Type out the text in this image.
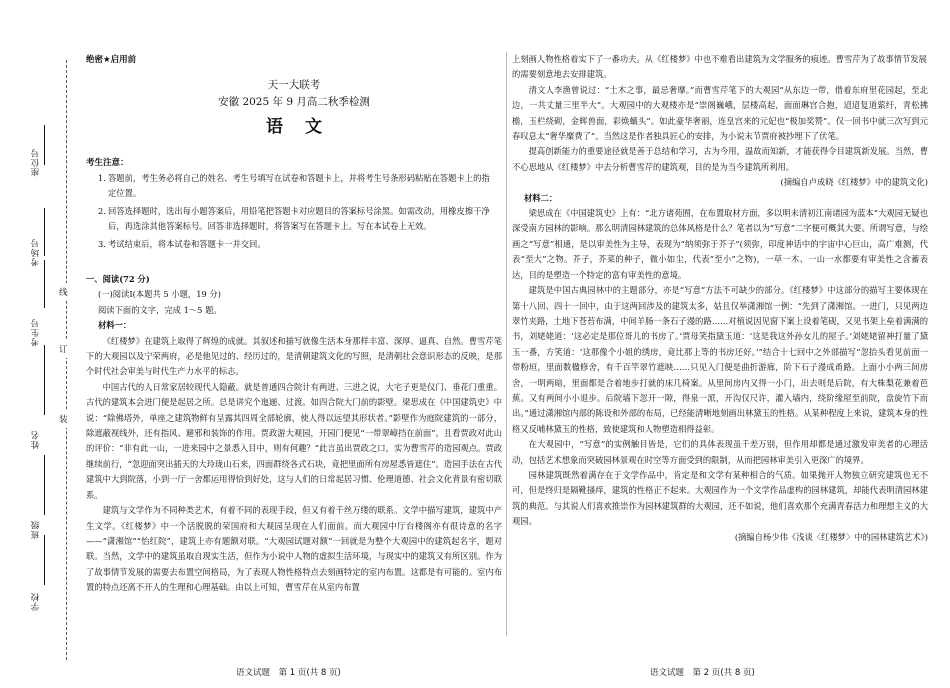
座位号
考场号
考生号
姓名
班级
学校
线
订
装
绝密★启用前
天一大联考
安徽 2025 年 9 月高二秋季检测
语文
考生注意：
1. 答题前，考生务必将自己的姓名、考生号填写在试卷和答题卡上，并将考生号条形码粘贴在答题卡上的指定位置。
2. 回答选择题时，选出每小题答案后，用铅笔把答题卡对应题目的答案标号涂黑。如需改动，用橡皮擦干净后，再选涂其他答案标号。回答非选择题时，将答案写在答题卡上。写在本试卷上无效。
3. 考试结束后，将本试卷和答题卡一并交回。

一、阅读(72 分)

(一)阅读Ⅰ(本题共 5 小题，19 分)

阅读下面的文字，完成 1～5 题。

材料一：

《红楼梦》在建筑上取得了辉煌的成就。其叙述和描写就像生活本身那样丰富、深厚、逼真、自然。曹雪芹笔下的大观园以及宁荣两府，必是他见过的、经历过的，是清朝建筑文化的写照，是清朝社会意识形态的反映，是那个时代社会审美与时代生产力水平的标志。

中国古代的人日常家居较现代人隐蔽。就是普通四合院计有两进、三进之说，大宅子更是仪门、垂花门重重。古代的建筑本会进门便是起居之所。总是讲究个迤逦、过渡。如四合院大门前的影壁。梁思成在《中国建筑史》中说：“除佛塔外，单座之建筑物鲜有呈露其四周全部轮廓，使人得以远望其形状者。”影壁作为庭院建筑的一部分，除遮蔽视线外，还有指风、避邪和装饰的作用。贾政游大观园，开园门便见“一带翠嶂挡在前面”。且看贾政对此山的评价：“非有此一山，一进来园中之景悉入目中，则有何趣？”此言虽出贾政之口，实为曹雪芹的造园观点。贾政继续前行，“忽迎面突出插天的大玲珑山石来，四面群绕各式石块，竟把里面所有房屋悉皆遮住”。造园手法在古代建筑中大到院落，小到一厅一舍都运用得恰到好处，这与人们的日常起居习惯、伦理道德、社会文化背景有密切联系。

建筑与文学作为不同种类艺术，有着不同的表现手段，但又有着千丝万缕的联系。文学中描写建筑，建筑中产生文学。《红楼梦》中一个活脱脱的荣国府和大观园呈现在人们面前。而大观园中厅台楼阁亦有很诗意的名字——“潇湘馆”“怡红院”，建筑上亦有题额对联。“大观园试题对额”一回就是为整个大观园中的建筑起名字，题对联。当然，文学中的建筑虽取自现实生活，但作为小说中人物的虚拟生活环境，与现实中的建筑又有所区别。作为了故事情节发展的需要去布置空间格局，为了表现人物性格特点去刻画特定的室内布置。这都是有可能的。室内布置的特点还离不开人的生理和心理基础。由以上可知，曹雪芹在从室内布置

语文试题　第 1 页(共 8 页)

上刻画人物性格着实下了一番功夫。从《红楼梦》中也不难看出建筑为文学服务的痕迹。曹雪芹为了故事情节发展的需要刻意地去安排建筑。

清文人李渔曾说过：“土木之事，最忌奢靡。”而曹雪芹笔下的大观园“从东边一带，借着东府里花园起，至北边，一共丈量三里半大”。大观园中的大观楼亦是“崇阁巍峨，层楼高起，面面琳宫合抱，迢迢复道萦纡，青松拂檐，玉栏绕砌，金辉兽面，彩焕螭头”。如此豪华奢丽，连皇宫来的元妃也“极加奖赞”。仅一回书中就三次写到元春叹息太“奢华糜费了”。当然这是作者独具匠心的安排，为小说末节贾府被抄埋下了伏笔。

提高创新能力的重要途径就是善于总结和学习，古为今用，温故而知新，才能获得令目建筑新发展。当然，曹不心思地从《红楼梦》中去分析曹雪芹的建筑观，目的是为当今建筑所利用。

(摘编自卢成晓《红楼梦》中的建筑文化)

材料二：

梁思成在《中国建筑史》上有：“北方诸苑囿，在布置取材方面，多以明未清初江南诸园为蓝本”大观园无疑也深受南方园林的影响。那么明清园林建筑的总体风格是什么？笔者以为“写意”二字便可概其大要。所谓写意，与绘画之“写意”相通，是以审美性为主导，表现为“纳须弥于芥子”(须弥，印度神话中的宇宙中心巨山，高广难测，代表“至大”之物。芥子，芥菜的种子，微小如尘，代表“至小”之物)，一草一木、一山一水都要有审美性之含蓄表达，目的是塑造一个特定的富有审美性的意境。

建筑是中国古典园林中的主题部分，亦是“写意”方法不可缺少的部分。《红楼梦》中这部分的描写主要体现在第十八回、四十一回中，由于这两回涉及的建筑太多，姑且仅举潇湘馆一例：“先到了潇湘馆。一进门，只见两边翠竹夹路，土地下苍苔布满，中间羊肠一条石子漫的路……对植说因见窗下案上设着笔砚，又见书架上垒着满满的书，刘姥姥道：‘这必定是那位哥儿的书房了。’贾母笑指黛玉道：‘这是我这外孙女儿的屋子。’刘姥姥留神打量了黛玉一番，方笑道：‘这那像个小姐的绣房，竟比那上等的书房还好。’”结合十七回中之外部描写“忽抬头看见前面一带粉垣，里面数楹修舍，有千百竿翠竹遮映……只见入门便是曲折游廊，阶下石子漫成甬路。上面小小两三间房舍，一明两暗，里面都是合着地步打就的床几椅案。从里间房内又得一小门，出去则是后院，有大株梨花兼着芭蕉。又有两间小小退步。后院墙下忽开一隙，得泉一派，开沟仅尺许，灌入墙内，绕阶缘屋至前院，盘旋竹下而出。”通过潇湘馆内部的陈设和外部的布局，已经能清晰地刻画出林黛玉的性格。从某种程度上来说，建筑本身的性格又反哺林黛玉的性格，致使建筑和人物塑造相得益彰。

在大观园中，“写意”的实例触目皆是，它们的具体表现虽千差万别，但作用却都是通过激发审美者的心理活动，包括艺术想象而突破园林景观在时空等方面受到的限制，从而把园林审美引入更深广的境界。

园林建筑既然着满存在于文学作品中，肯定是和文学有某种相合的气质。如果抛开人物独立研究建筑也无不可，但是终归是隔靴搔痒，建筑的性格正不起来。大观园作为一个文学作品虚构的园林建筑，却能代表明清园林建筑的典范。与其说人们喜欢推崇作为园林建筑群的大观园，还不如说，他们喜欢那个充满青春活力和理想主义的大观园。

(摘编自杨少伟《浅谈〈红楼梦〉中的园林建筑艺术》)

语文试题　第 2 页(共 8 页)
